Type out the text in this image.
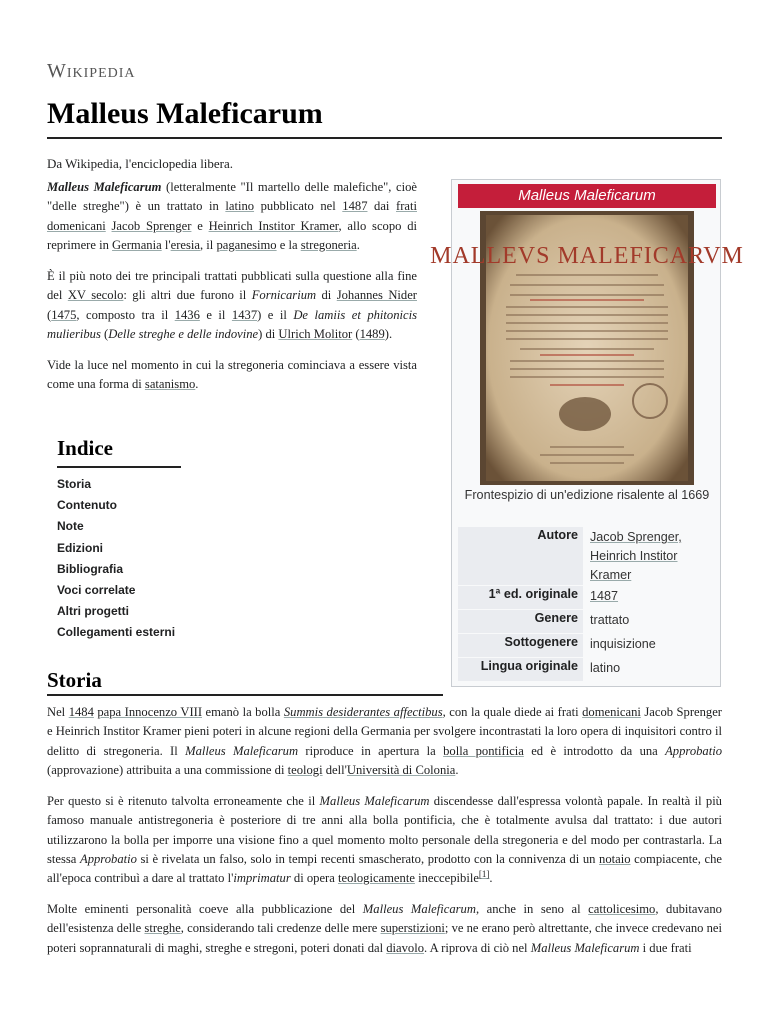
Wikipedia
Malleus Maleficarum
Da Wikipedia, l'enciclopedia libera.

Malleus Maleficarum (letteralmente "Il martello delle malefiche", cioè "delle streghe") è un trattato in latino pubblicato nel 1487 dai frati domenicani Jacob Sprenger e Heinrich Institor Kramer, allo scopo di reprimere in Germania l'eresia, il paganesimo e la stregoneria.

È il più noto dei tre principali trattati pubblicati sulla questione alla fine del XV secolo: gli altri due furono il Fornicarium di Johannes Nider (1475, composto tra il 1436 e il 1437) e il De lamiis et phitonicis mulieribus (Delle streghe e delle indovine) di Ulrich Molitor (1489).

Vide la luce nel momento in cui la stregoneria cominciava a essere vista come una forma di satanismo.

Indice
Storia
Contenuto
Note
Edizioni
Bibliografia
Voci correlate
Altri progetti
Collegamenti esterni
Malleus Maleficarum
MALLEVS MALEFICARVM
Frontespizio di un'edizione risalente al 1669
Autore Jacob Sprenger, Heinrich Institor Kramer
1ª ed. originale 1487
Genere trattato
Sottogenere inquisizione
Lingua originale latino
Storia

Nel 1484 papa Innocenzo VIII emanò la bolla Summis desiderantes affectibus, con la quale diede ai frati domenicani Jacob Sprenger e Heinrich Institor Kramer pieni poteri in alcune regioni della Germania per svolgere incontrastati la loro opera di inquisitori contro il delitto di stregoneria. Il Malleus Maleficarum riproduce in apertura la bolla pontificia ed è introdotto da una Approbatio (approvazione) attribuita a una commissione di teologi dell'Università di Colonia.

Per questo si è ritenuto talvolta erroneamente che il Malleus Maleficarum discendesse dall'espressa volontà papale. In realtà il più famoso manuale antistregoneria è posteriore di tre anni alla bolla pontificia, che è totalmente avulsa dal trattato: i due autori utilizzarono la bolla per imporre una visione fino a quel momento molto personale della stregoneria e del modo per contrastarla. La stessa Approbatio si è rivelata un falso, solo in tempi recenti smascherato, prodotto con la connivenza di un notaio compiacente, che all'epoca contribuì a dare al trattato l'imprimatur di opera teologicamente ineccepibile[1].

Molte eminenti personalità coeve alla pubblicazione del Malleus Maleficarum, anche in seno al cattolicesimo, dubitavano dell'esistenza delle streghe, considerando tali credenze delle mere superstizioni; ve ne erano però altrettante, che invece credevano nei poteri soprannaturali di maghi, streghe e stregoni, poteri donati dal diavolo. A riprova di ciò nel Malleus Maleficarum i due frati
